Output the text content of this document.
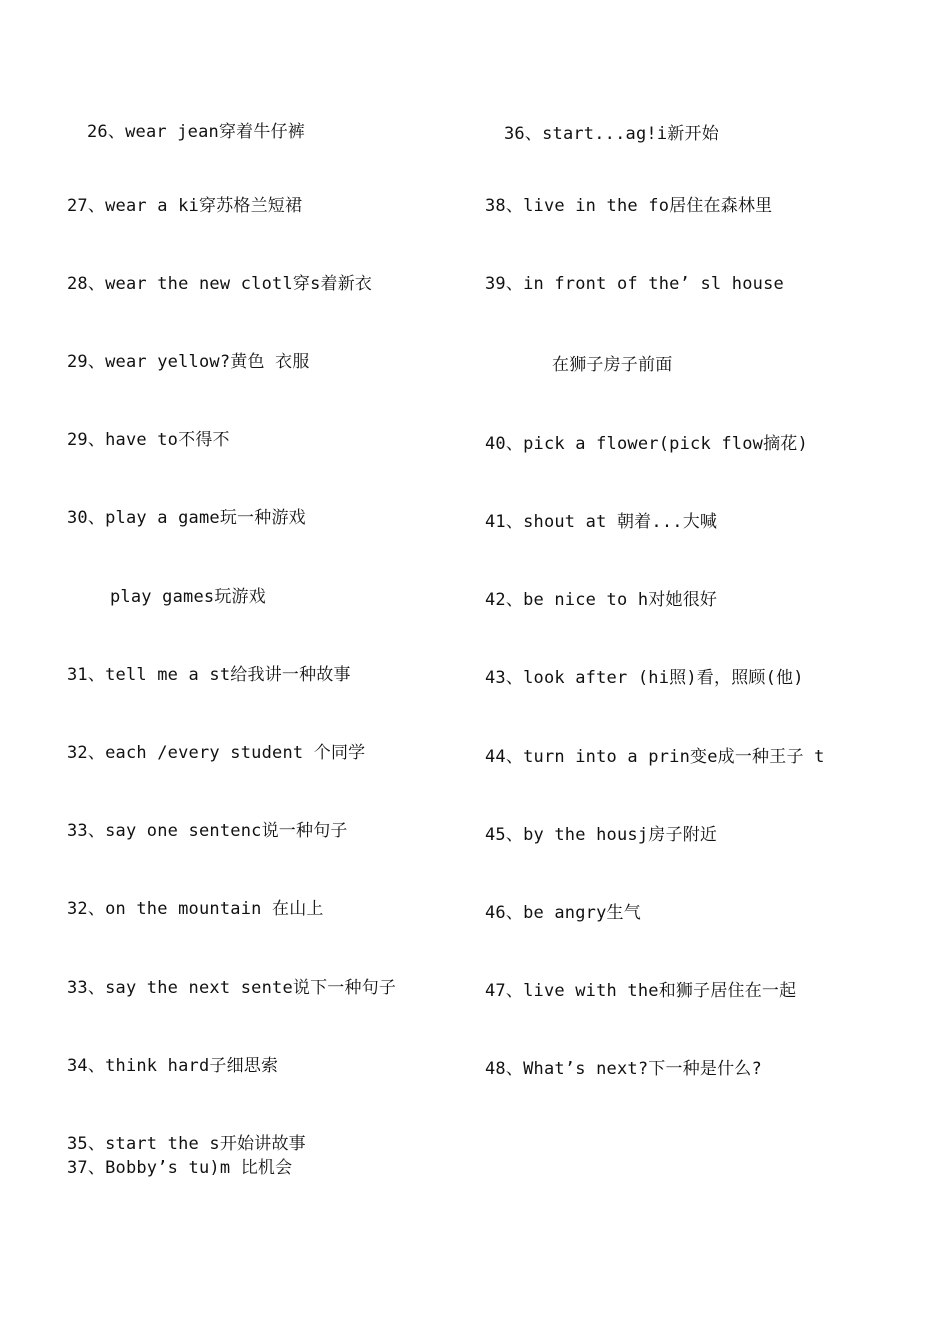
26、wear jean穿着牛仔裤
27、wear a ki穿苏格兰短裙
28、wear the new clotl穿s着新衣
29、wear yellow?黄色 衣服
29、have to不得不
30、play a game玩一种游戏
play games玩游戏
31、tell me a st给我讲一种故事
32、each /every student 个同学
33、say one sentenc说一种句子
32、on the mountain 在山上
33、say the next sente说下一种句子
34、think hard子细思索
35、start the s开始讲故事
37、Bobby’s tu)m 比机会
36、start...ag!i新开始
38、live in the fo居住在森林里
39、in front of the’ sl house
在狮子房子前面
40、pick a flower(pick flow摘花)
41、shout at 朝着...大喊
42、be nice to h对她很好
43、look after (hi照)看，照顾(他)
44、turn into a prin变e成一种王子 t
45、by the housj房子附近
46、be angry生气
47、live with the和狮子居住在一起
48、What’s next?下一种是什么?
